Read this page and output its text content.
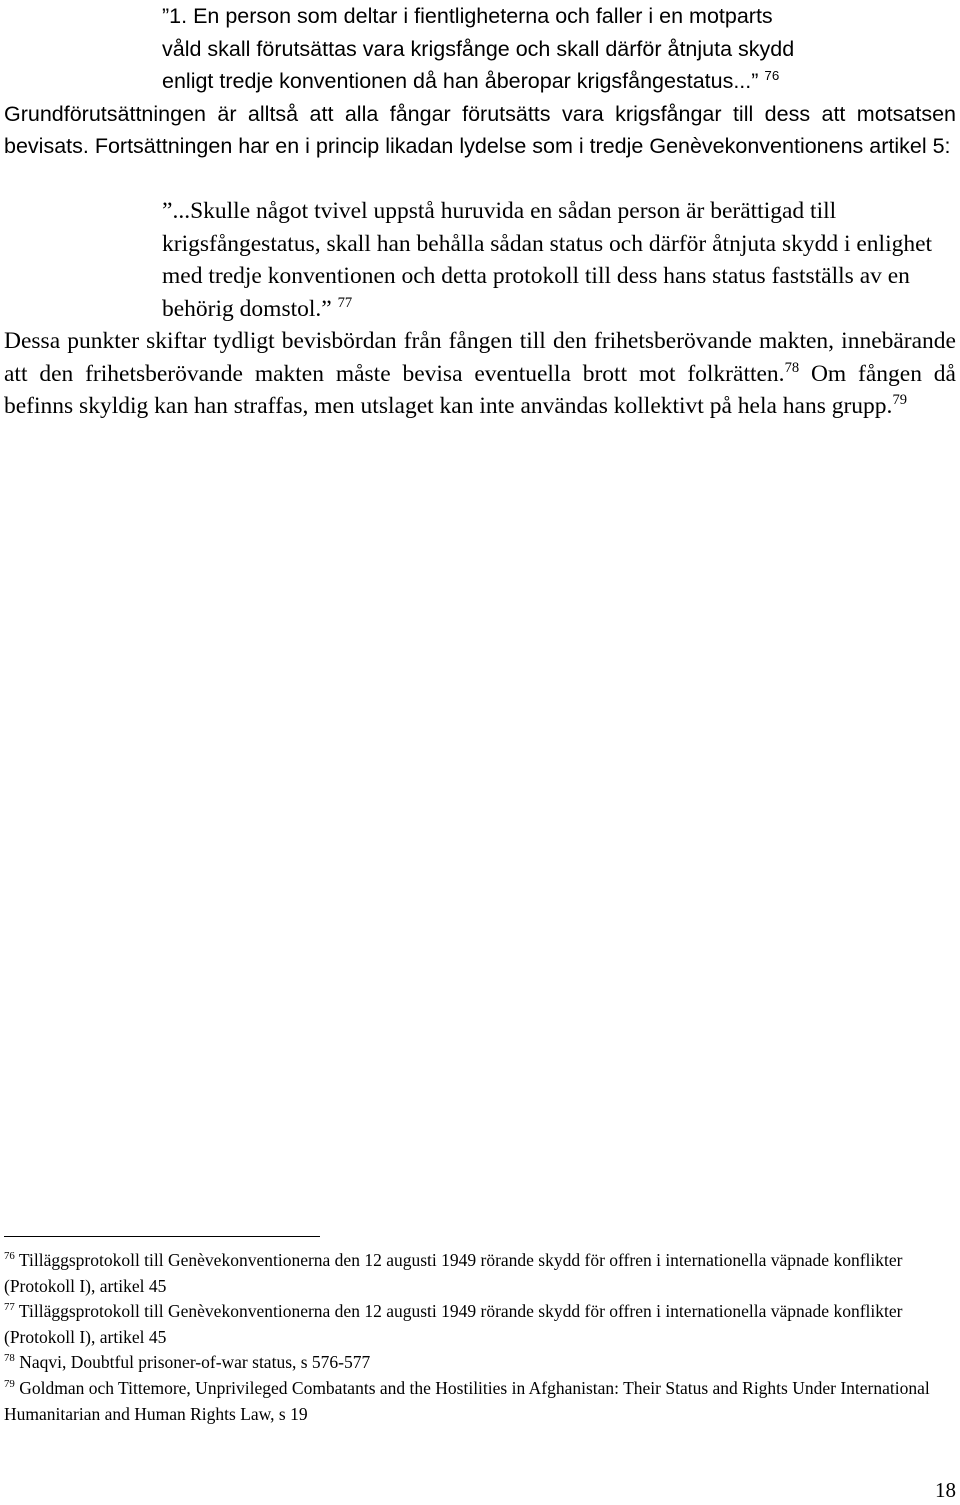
”1. En person som deltar i fientligheterna och faller i en motparts
våld skall förutsättas vara krigsfånge och skall därför åtnjuta skydd
enligt tredje konventionen då han åberopar krigsfångestatus...” $^{76}$
Grundförutsättningen är alltså att alla fångar förutsätts vara krigsfångar till dess att motsatsen bevisats. Fortsättningen har en i princip likadan lydelse som i tredje Genèvekonventionens artikel 5:
”...Skulle något tvivel uppstå huruvida en sådan person är berättigad till krigsfångestatus, skall han behålla sådan status och därför åtnjuta skydd i enlighet med tredje konventionen och detta protokoll till dess hans status fastställs av en behörig domstol.” $^{77}$
Dessa punkter skiftar tydligt bevisbördan från fången till den frihetsberövande makten, innebärande att den frihetsberövande makten måste bevisa eventuella brott mot folkrätten.$^{78}$ Om fången då befinns skyldig kan han straffas, men utslaget kan inte användas kollektivt på hela hans grupp.$^{79}$

$^{76}$ Tilläggsprotokoll till Genèvekonventionerna den 12 augusti 1949 rörande skydd för offren i internationella väpnade konflikter (Protokoll I), artikel 45

$^{77}$ Tilläggsprotokoll till Genèvekonventionerna den 12 augusti 1949 rörande skydd för offren i internationella väpnade konflikter (Protokoll I), artikel 45

$^{78}$ Naqvi, Doubtful prisoner-of-war status, s 576-577

$^{79}$ Goldman och Tittemore, Unprivileged Combatants and the Hostilities in Afghanistan: Their Status and Rights Under International Humanitarian and Human Rights Law, s 19

18
